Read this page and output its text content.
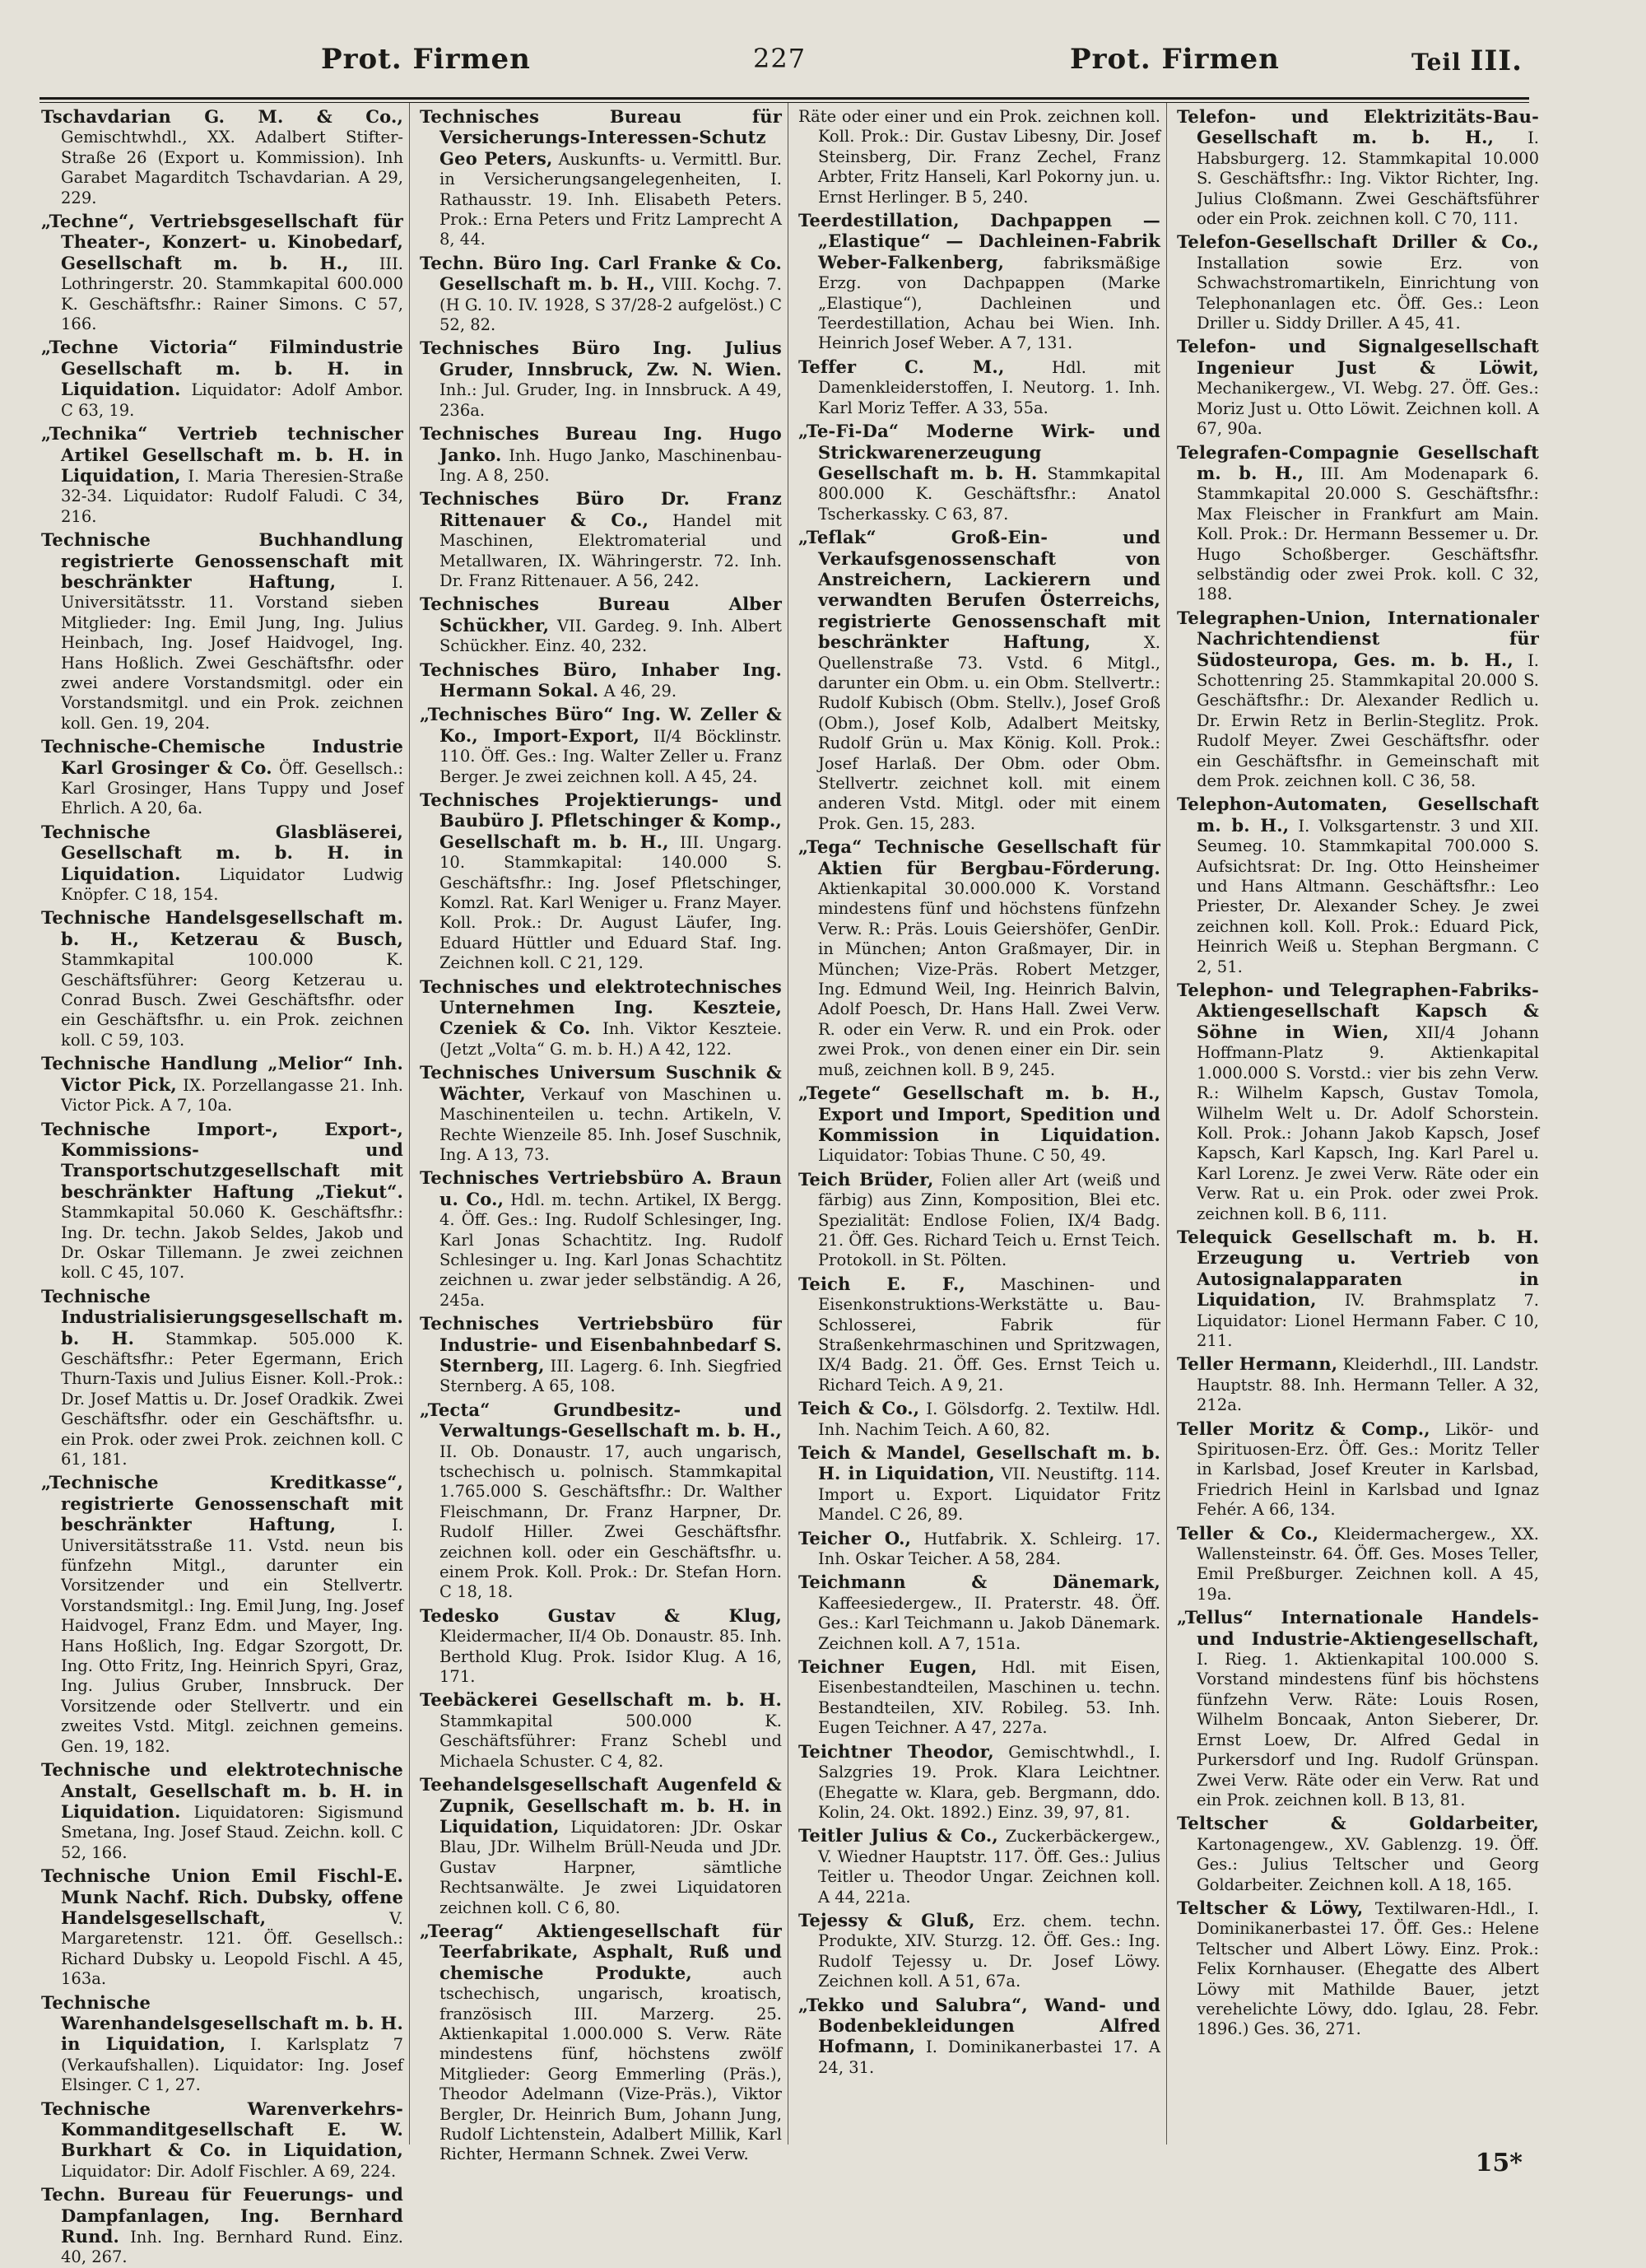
Prot. Firmen	227	Prot. Firmen	Teil III.

Tschavdarian G. M. & Co., Gemischtwhdl., XX. Adalbert Stifter-Straße 26 (Export u. Kommission). Inh Garabet Magarditch Tschavdarian. A 29, 229.

„Techne“, Vertriebsgesellschaft für Theater-, Konzert- u. Kinobedarf, Gesellschaft m. b. H., III. Lothringerstr. 20. Stammkapital 600.000 K. Geschäftsfhr.: Rainer Simons. C 57, 166.

„Techne Victoria“ Filmindustrie Gesellschaft m. b. H. in Liquidation. Liquidator: Adolf Ambor. C 63, 19.

„Technika“ Vertrieb technischer Artikel Gesellschaft m. b. H. in Liquidation, I. Maria Theresien-Straße 32-34. Liquidator: Rudolf Faludi. C 34, 216.

Technische Buchhandlung registrierte Genossenschaft mit beschränkter Haftung,	I. Universitätsstr. 11. Vorstand sieben Mitglieder: Ing. Emil Jung, Ing. Julius Heinbach, Ing. Josef Haidvogel, Ing. Hans Hoßlich. Zwei Geschäftsfhr. oder zwei andere Vorstandsmitgl. oder ein Vorstandsmitgl. und ein Prok. zeichnen koll. Gen. 19, 204.

Technische-Chemische Industrie Karl Grosinger & Co. Öff. Gesellsch.: Karl Grosinger, Hans Tuppy und Josef Ehrlich. A 20, 6a.

Technische Glasbläserei, Gesellschaft m. b. H. in Liquidation. Liquidator Ludwig Knöpfer. C 18, 154.

Technische Handelsgesellschaft m. b. H., Ketzerau & Busch, Stammkapital 100.000 K. Geschäftsführer: Georg Ketzerau u. Conrad Busch. Zwei Geschäftsfhr. oder ein Geschäftsfhr. u. ein Prok. zeichnen koll. C 59, 103.

Technische Handlung „Melior“ Inh. Victor Pick, IX. Porzellangasse 21. Inh. Victor Pick. A 7, 10a.

Technische Import-, Export-, Kommissions- und Transportschutzgesellschaft mit beschränkter Haftung „Tiekut“. Stammkapital 50.060 K. Geschäftsfhr.: Ing. Dr. techn. Jakob Seldes, Jakob und Dr. Oskar Tillemann. Je zwei zeichnen koll. C 45, 107.

Technische Industrialisierungsgesellschaft m. b. H. Stammkap. 505.000 K. Geschäftsfhr.: Peter Egermann, Erich Thurn-Taxis und Julius Eisner. Koll.-Prok.: Dr. Josef Mattis u. Dr. Josef Oradkik. Zwei Geschäftsfhr. oder ein Geschäftsfhr. u. ein Prok. oder zwei Prok. zeichnen koll. C 61, 181.

„Technische Kreditkasse“, registrierte Genossenschaft mit beschränkter Haftung,	I. Universitätsstraße 11. Vstd. neun bis fünfzehn Mitgl., darunter ein Vorsitzender und ein Stellvertr. Vorstandsmitgl.: Ing. Emil Jung, Ing. Josef Haidvogel, Franz Edm. und Mayer, Ing. Hans Hoßlich, Ing. Edgar Szorgott, Dr. Ing. Otto Fritz, Ing. Heinrich Spyri, Graz, Ing. Julius Gruber, Innsbruck. Der Vorsitzende oder Stellvertr. und ein zweites Vstd. Mitgl. zeichnen gemeins. Gen. 19, 182.

Technische und elektrotechnische Anstalt, Gesellschaft m. b. H. in Liquidation. Liquidatoren: Sigismund Smetana, Ing. Josef Staud. Zeichn. koll. C 52, 166.

Technische Union Emil Fischl-E. Munk Nachf. Rich. Dubsky, offene Handelsgesellschaft,	V. Margaretenstr. 121. Öff. Gesellsch.: Richard Dubsky u. Leopold Fischl. A 45, 163a.

Technische Warenhandelsgesellschaft m. b. H. in Liquidation, I. Karlsplatz 7 (Verkaufshallen). Liquidator: Ing. Josef Elsinger. C 1, 27.

Technische Warenverkehrs-Kommanditgesellschaft E. W. Burkhart & Co. in Liquidation, Liquidator: Dir. Adolf Fischler. A 69, 224.

Techn. Bureau für Feuerungs- und Dampfanlagen, Ing. Bernhard Rund. Inh. Ing. Bernhard Rund. Einz. 40, 267.

Technisches Bureau für Versicherungs-Interessen-Schutz Geo Peters, Auskunfts- u. Vermittl. Bur. in Versicherungsangelegenheiten, I. Rathausstr. 19. Inh. Elisabeth Peters. Prok.: Erna Peters und Fritz Lamprecht A 8, 44.

Techn. Büro Ing. Carl Franke & Co. Gesellschaft m. b. H., VIII. Kochg. 7. (H G. 10. IV. 1928, S 37/28-2 aufgelöst.) C 52, 82.

Technisches Büro Ing. Julius Gruder, Innsbruck, Zw. N. Wien. Inh.: Jul. Gruder, Ing. in Innsbruck. A 49, 236a.

Technisches Bureau Ing. Hugo Janko. Inh. Hugo Janko, Maschinenbau-Ing. A 8, 250.

Technisches Büro Dr. Franz Rittenauer & Co., Handel mit Maschinen, Elektromaterial und Metallwaren, IX. Währingerstr. 72. Inh. Dr. Franz Rittenauer. A 56, 242.

Technisches Bureau Alber Schückher, VII. Gardeg. 9. Inh. Albert Schückher. Einz. 40, 232.

Technisches Büro, Inhaber Ing. Hermann Sokal. A 46, 29.

„Technisches Büro“ Ing. W. Zeller & Ko., Import-Export, II/4 Böcklinstr. 110. Öff. Ges.: Ing. Walter Zeller u. Franz Berger. Je zwei zeichnen koll. A 45, 24.

Technisches Projektierungs- und Baubüro J. Pfletschinger & Komp., Gesellschaft m. b. H., III. Ungarg. 10. Stammkapital: 140.000 S. Geschäftsfhr.: Ing. Josef Pfletschinger, Komzl. Rat. Karl Weniger u. Franz Mayer. Koll. Prok.: Dr. August Läufer, Ing. Eduard Hüttler und Eduard Staf. Ing. Zeichnen koll. C 21, 129.

Technisches und elektrotechnisches Unternehmen Ing. Keszteie, Czeniek & Co. Inh. Viktor Keszteie. (Jetzt „Volta“ G. m. b. H.) A 42, 122.

Technisches Universum Suschnik & Wächter, Verkauf von Maschinen u. Maschinenteilen u. techn. Artikeln, V. Rechte Wienzeile 85. Inh. Josef Suschnik, Ing. A 13, 73.

Technisches Vertriebsbüro A. Braun u. Co., Hdl. m. techn. Artikel, IX Bergg. 4. Öff. Ges.: Ing. Rudolf Schlesinger, Ing. Karl Jonas Schachtitz. Ing. Rudolf Schlesinger u. Ing. Karl Jonas Schachtitz zeichnen u. zwar jeder selbständig. A 26, 245a.

Technisches Vertriebsbüro für Industrie- und Eisenbahnbedarf S. Sternberg, III. Lagerg. 6. Inh. Siegfried Sternberg. A 65, 108.

„Tecta“ Grundbesitz- und Verwaltungs-Gesellschaft m. b. H., II. Ob. Donaustr. 17, auch ungarisch, tschechisch u. polnisch. Stammkapital 1.765.000 S. Geschäftsfhr.: Dr. Walther Fleischmann, Dr. Franz Harpner, Dr. Rudolf Hiller. Zwei Geschäftsfhr. zeichnen koll. oder ein Geschäftsfhr. u. einem Prok. Koll. Prok.: Dr. Stefan Horn. C 18, 18.

Tedesko Gustav & Klug, Kleidermacher, II/4 Ob. Donaustr. 85. Inh. Berthold Klug. Prok. Isidor Klug. A 16, 171.

Teebäckerei Gesellschaft m. b. H. Stammkapital 500.000 K. Geschäftsführer: Franz Schebl und Michaela Schuster. C 4, 82.

Teehandelsgesellschaft Augenfeld & Zupnik, Gesellschaft m. b. H. in Liquidation, Liquidatoren: JDr. Oskar Blau, JDr. Wilhelm Brüll-Neuda und JDr. Gustav Harpner, sämtliche Rechtsanwälte. Je zwei Liquidatoren zeichnen koll. C 6, 80.

„Teerag“ Aktiengesellschaft für Teerfabrikate, Asphalt, Ruß und chemische Produkte,	auch tschechisch, ungarisch, kroatisch, französisch III. Marzerg. 25. Aktienkapital 1.000.000 S. Verw. Räte mindestens fünf, höchstens zwölf Mitglieder: Georg Emmerling (Präs.), Theodor Adelmann (Vize-Präs.), Viktor Bergler, Dr. Heinrich Bum, Johann Jung, Rudolf Lichtenstein, Adalbert Millik, Karl Richter, Hermann Schnek. Zwei Verw.

Räte oder einer und ein Prok. zeichnen koll. Koll. Prok.: Dir. Gustav Libesny, Dir. Josef Steinsberg, Dir. Franz Zechel, Franz Arbter, Fritz Hanseli, Karl Pokorny jun. u. Ernst Herlinger. B 5, 240.

Teerdestillation, Dachpappen — „Elastique“ — Dachleinen-Fabrik Weber-Falkenberg, fabriksmäßige Erzg. von Dachpappen (Marke „Elastique“), Dachleinen und Teerdestillation, Achau bei Wien. Inh. Heinrich Josef Weber. A 7, 131.

Teffer C. M.,	Hdl. mit Damenkleiderstoffen, I. Neutorg. 1. Inh. Karl Moriz Teffer. A 33, 55a.

„Te-Fi-Da“ Moderne Wirk- und Strickwarenerzeugung Gesellschaft m. b. H. Stammkapital 800.000 K. Geschäftsfhr.: Anatol Tscherkassky. C 63, 87.

„Teflak“ Groß-Ein- und Verkaufsgenossenschaft von Anstreichern, Lackierern und verwandten Berufen Österreichs, registrierte Genossenschaft mit beschränkter Haftung,	X. Quellenstraße 73. Vstd. 6 Mitgl., darunter ein Obm. u. ein Obm. Stellvertr.: Rudolf Kubisch (Obm. Stellv.), Josef Groß (Obm.), Josef Kolb, Adalbert Meitsky, Rudolf Grün u. Max König. Koll. Prok.: Josef Harlaß. Der Obm. oder Obm. Stellvertr. zeichnet koll. mit einem anderen Vstd. Mitgl. oder mit einem Prok. Gen. 15, 283.

„Tega“ Technische Gesellschaft für Aktien für Bergbau-Förderung. Aktienkapital 30.000.000 K. Vorstand mindestens fünf und höchstens fünfzehn Verw. R.: Präs. Louis Geiershöfer, GenDir. in München; Anton Graßmayer, Dir. in München; Vize-Präs. Robert Metzger, Ing. Edmund Weil, Ing. Heinrich Balvin, Adolf Poesch, Dr. Hans Hall. Zwei Verw. R. oder ein Verw. R. und ein Prok. oder zwei Prok., von denen einer ein Dir. sein muß, zeichnen koll. B 9, 245.

„Tegete“ Gesellschaft m. b. H., Export und Import, Spedition und Kommission in Liquidation. Liquidator: Tobias Thune. C 50, 49.

Teich Brüder, Folien aller Art (weiß und färbig) aus Zinn, Komposition, Blei etc. Spezialität: Endlose Folien, IX/4 Badg. 21. Öff. Ges. Richard Teich u. Ernst Teich. Protokoll. in St. Pölten.

Teich E. F., Maschinen- und Eisenkonstruktions-Werkstätte u. Bau-Schlosserei, Fabrik für Straßenkehrmaschinen und Spritzwagen, IX/4 Badg. 21. Öff. Ges. Ernst Teich u. Richard Teich. A 9, 21.

Teich & Co., I. Gölsdorfg. 2. Textilw. Hdl. Inh. Nachim Teich. A 60, 82.

Teich & Mandel, Gesellschaft m. b. H. in Liquidation, VII. Neustiftg. 114. Import u. Export. Liquidator Fritz Mandel. C 26, 89.

Teicher O., Hutfabrik. X. Schleirg. 17. Inh. Oskar Teicher. A 58, 284.

Teichmann & Dänemark, Kaffeesiedergew., II. Praterstr. 48. Öff. Ges.: Karl Teichmann u. Jakob Dänemark. Zeichnen koll. A 7, 151a.

Teichner Eugen, Hdl. mit Eisen, Eisenbestandteilen, Maschinen u. techn. Bestandteilen, XIV. Robileg. 53. Inh. Eugen Teichner. A 47, 227a.

Teichtner Theodor, Gemischtwhdl., I. Salzgries 19. Prok. Klara Leichtner. (Ehegatte w. Klara, geb. Bergmann, ddo. Kolin, 24. Okt. 1892.) Einz. 39, 97, 81.

Teitler Julius & Co., Zuckerbäckergew., V. Wiedner Hauptstr. 117. Öff. Ges.: Julius Teitler u. Theodor Ungar. Zeichnen koll. A 44, 221a.

Tejessy & Gluß, Erz. chem. techn. Produkte, XIV. Sturzg. 12. Öff. Ges.: Ing. Rudolf Tejessy u. Dr. Josef Löwy. Zeichnen koll. A 51, 67a.

„Tekko und Salubra“, Wand- und Bodenbekleidungen Alfred Hofmann, I. Dominikanerbastei 17. A 24, 31.

Telefon- und Elektrizitäts-Bau-Gesellschaft m. b. H., I. Habsburgerg. 12. Stammkapital 10.000 S. Geschäftsfhr.: Ing. Viktor Richter, Ing. Julius Cloßmann. Zwei Geschäftsführer oder ein Prok. zeichnen koll. C 70, 111.

Telefon-Gesellschaft Driller & Co., Installation sowie Erz. von Schwachstromartikeln, Einrichtung von Telephonanlagen etc. Öff. Ges.: Leon Driller u. Siddy Driller. A 45, 41.

Telefon- und Signalgesellschaft Ingenieur Just & Löwit, Mechanikergew., VI. Webg. 27. Öff. Ges.: Moriz Just u. Otto Löwit. Zeichnen koll. A 67, 90a.

Telegrafen-Compagnie Gesellschaft m. b. H., III. Am Modenapark 6. Stammkapital 20.000 S. Geschäftsfhr.: Max Fleischer in Frankfurt am Main. Koll. Prok.: Dr. Hermann Bessemer u. Dr. Hugo Schoßberger. Geschäftsfhr. selbständig oder zwei Prok. koll. C 32, 188.

Telegraphen-Union, Internationaler Nachrichtendienst für Südosteuropa, Ges. m. b. H., I. Schottenring 25. Stammkapital 20.000 S. Geschäftsfhr.: Dr. Alexander Redlich u. Dr. Erwin Retz in Berlin-Steglitz. Prok. Rudolf Meyer. Zwei Geschäftsfhr. oder ein Geschäftsfhr. in Gemeinschaft mit dem Prok. zeichnen koll. C 36, 58.

Telephon-Automaten, Gesellschaft m. b. H., I. Volksgartenstr. 3 und XII. Seumeg. 10. Stammkapital 700.000 S. Aufsichtsrat: Dr. Ing. Otto Heinsheimer und Hans Altmann. Geschäftsfhr.: Leo Priester, Dr. Alexander Schey. Je zwei zeichnen koll. Koll. Prok.: Eduard Pick, Heinrich Weiß u. Stephan Bergmann. C 2, 51.

Telephon- und Telegraphen-Fabriks-Aktiengesellschaft Kapsch & Söhne in Wien, XII/4 Johann Hoffmann-Platz 9. Aktienkapital 1.000.000 S. Vorstd.: vier bis zehn Verw. R.: Wilhelm Kapsch, Gustav Tomola, Wilhelm Welt u. Dr. Adolf Schorstein. Koll. Prok.: Johann Jakob Kapsch, Josef Kapsch, Karl Kapsch, Ing. Karl Parel u. Karl Lorenz. Je zwei Verw. Räte oder ein Verw. Rat u. ein Prok. oder zwei Prok. zeichnen koll. B 6, 111.

Telequick Gesellschaft m. b. H. Erzeugung u. Vertrieb von Autosignalapparaten in Liquidation, IV. Brahmsplatz 7. Liquidator: Lionel Hermann Faber. C 10, 211.

Teller Hermann, Kleiderhdl., III. Landstr. Hauptstr. 88. Inh. Hermann Teller. A 32, 212a.

Teller Moritz & Comp., Likör- und Spirituosen-Erz. Öff. Ges.: Moritz Teller in Karlsbad, Josef Kreuter in Karlsbad, Friedrich Heinl in Karlsbad und Ignaz Fehér. A 66, 134.

Teller & Co., Kleidermachergew., XX. Wallensteinstr. 64. Öff. Ges. Moses Teller, Emil Preßburger. Zeichnen koll. A 45, 19a.

„Tellus“ Internationale Handels- und Industrie-Aktiengesellschaft, I. Rieg. 1. Aktienkapital 100.000 S. Vorstand mindestens fünf bis höchstens fünfzehn Verw. Räte: Louis Rosen, Wilhelm Boncaak, Anton Sieberer, Dr. Ernst Loew, Dr. Alfred Gedal in Purkersdorf und Ing. Rudolf Grünspan. Zwei Verw. Räte oder ein Verw. Rat und ein Prok. zeichnen koll. B 13, 81.

Teltscher & Goldarbeiter, Kartonagengew., XV. Gablenzg. 19. Öff. Ges.: Julius Teltscher und Georg Goldarbeiter. Zeichnen koll. A 18, 165.

Teltscher & Löwy, Textilwaren-Hdl., I. Dominikanerbastei 17. Öff. Ges.: Helene Teltscher und Albert Löwy. Einz. Prok.: Felix Kornhauser. (Ehegatte des Albert Löwy mit Mathilde Bauer, jetzt verehelichte Löwy, ddo. Iglau, 28. Febr. 1896.) Ges. 36, 271.

15*
